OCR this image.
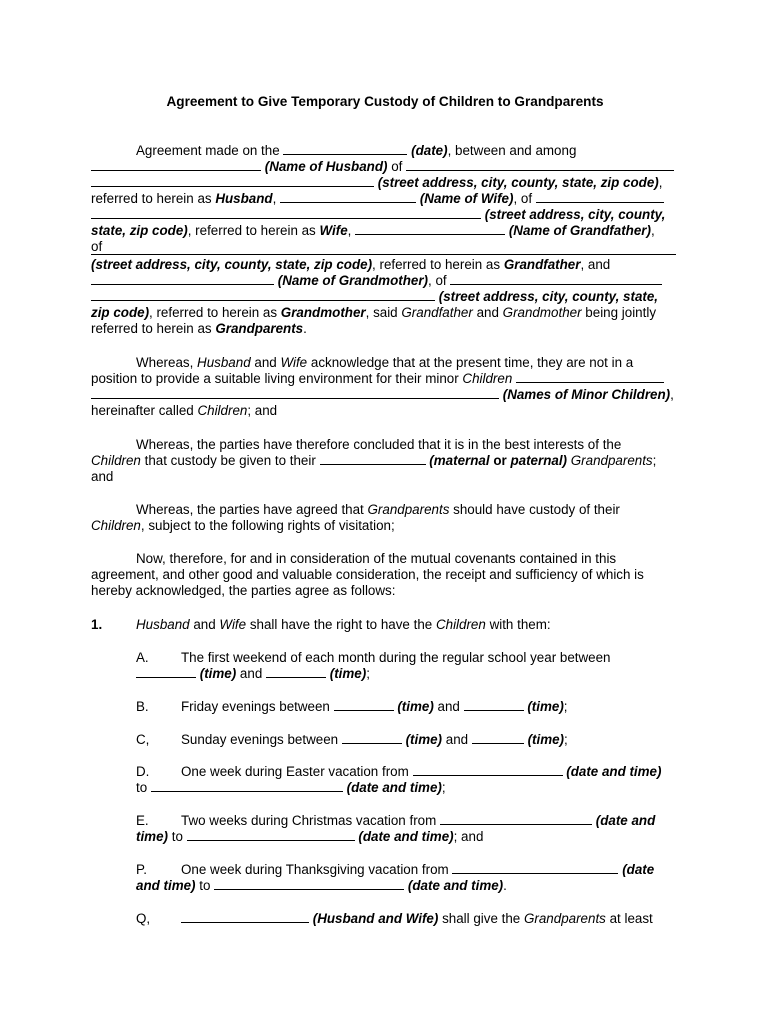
Agreement to Give Temporary Custody of Children to Grandparents
Agreement made on the	(date), between and among
(Name of Husband) of
(street address, city, county, state, zip code),
referred to herein as Husband,	(Name of Wife), of
(street address, city, county,
state, zip code), referred to herein as Wife,	(Name of Grandfather),
of
(street address, city, county, state, zip code), referred to herein as Grandfather, and
(Name of Grandmother), of
(street address, city, county, state,
zip code), referred to herein as Grandmother, said Grandfather and Grandmother being jointly
referred to herein as Grandparents.
Whereas, Husband and Wife acknowledge that at the present time, they are not in a
position to provide a suitable living environment for their minor Children
(Names of Minor Children),
hereinafter called Children; and
Whereas, the parties have therefore concluded that it is in the best interests of the
Children that custody be given to their	(maternal or paternal) Grandparents;
and
Whereas, the parties have agreed that Grandparents should have custody of their
Children, subject to the following rights of visitation;
Now, therefore, for and in consideration of the mutual covenants contained in this
agreement, and other good and valuable consideration, the receipt and sufficiency of which is
hereby acknowledged, the parties agree as follows:
1.	Husband and Wife shall have the right to have the Children with them:
A. The first weekend of each month during the regular school year between
(time) and	(time);
B. Friday evenings between	(time) and	(time);
C, Sunday evenings between	(time) and	(time);
D. One week during Easter vacation from	(date and time)
to	(date and time);
E. Two weeks during Christmas vacation from	(date and
time) to	(date and time); and
P.	One week during Thanksgiving vacation from	(date
and time) to	(date and time).
Q,	(Husband and Wife) shall give the Grandparents at least
